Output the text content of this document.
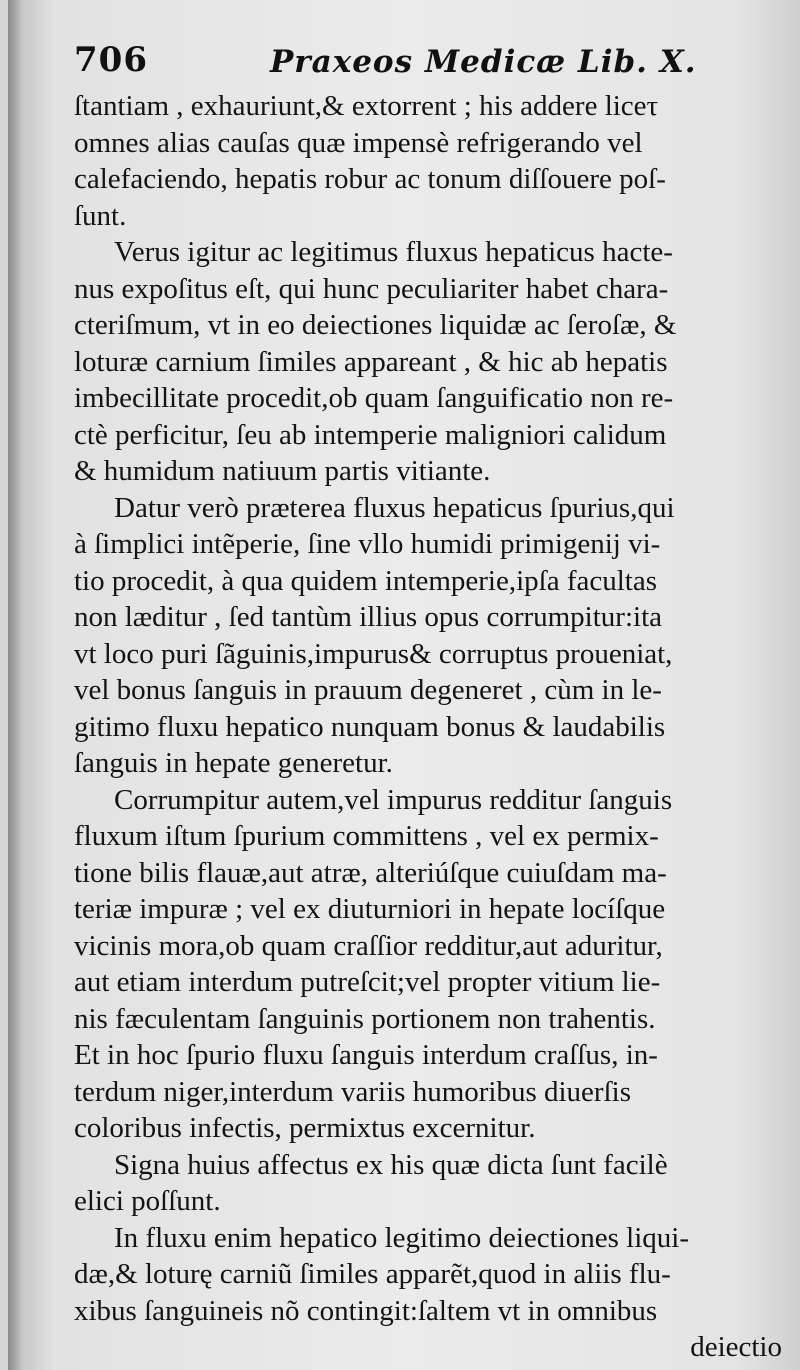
706	Praxeos Medicæ Lib. X.
ſtantiam , exhauriunt,& extorrent ; his addere liceτ
omnes alias cauſas quæ impensè refrigerando vel
calefaciendo, hepatis robur ac tonum diſſouere poſ-
ſunt.
Verus igitur ac legitimus fluxus hepaticus hacte-
nus expoſitus eſt, qui hunc peculiariter habet chara-
cteriſmum, vt in eo deiectiones liquidæ ac ſeroſæ, &
loturæ carnium ſimiles appareant , & hic ab hepatis
imbecillitate procedit,ob quam ſanguificatio non re-
ctè perficitur, ſeu ab intemperie maligniori calidum
& humidum natiuum partis vitiante.
Datur verò præterea fluxus hepaticus ſpurius,qui
à ſimplici intẽperie, ſine vllo humidi primigenij vi-
tio procedit, à qua quidem intemperie,ipſa facultas
non læditur , ſed tantùm illius opus corrumpitur:ita
vt loco puri ſãguinis,impurus& corruptus proueniat,
vel bonus ſanguis in prauum degeneret , cùm in le-
gitimo fluxu hepatico nunquam bonus & laudabilis
ſanguis in hepate generetur.
Corrumpitur autem,vel impurus redditur ſanguis
fluxum iſtum ſpurium committens , vel ex permix-
tione bilis flauæ,aut atræ, alteriúſque cuiuſdam ma-
teriæ impuræ ; vel ex diuturniori in hepate locíſque
vicinis mora,ob quam craſſior redditur,aut aduritur,
aut etiam interdum putreſcit;vel propter vitium lie-
nis fæculentam ſanguinis portionem non trahentis.
Et in hoc ſpurio fluxu ſanguis interdum craſſus, in-
terdum niger,interdum variis humoribus diuerſis
coloribus infectis, permixtus excernitur.
Signa huius affectus ex his quæ dicta ſunt facilè
elici poſſunt.
In fluxu enim hepatico legitimo deiectiones liqui-
dæ,& loturę carniũ ſimiles apparẽt,quod in aliis flu-
xibus ſanguineis nõ contingit:ſaltem vt in omnibus
deiectio
